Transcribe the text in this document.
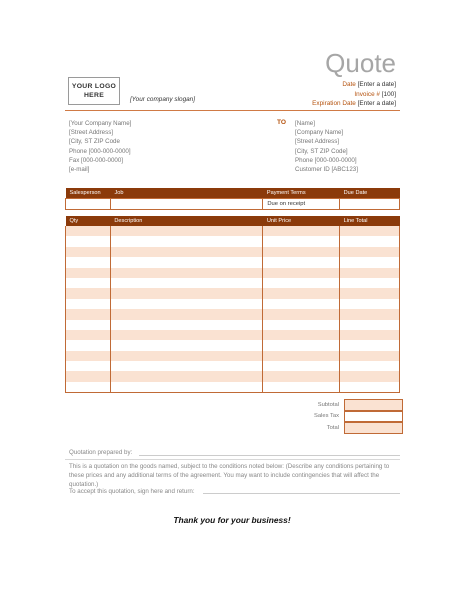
Quote
Date [Enter a date]
Invoice # [100]
Expiration Date [Enter a date]
YOUR LOGO
HERE
[Your company slogan]
[Your Company Name]
[Street Address]
[City, ST ZIP Code
Phone [000-000-0000]
Fax [000-000-0000]
[e-mail]
TO [Name]
[Company Name]
[Street Address]
[City, ST ZIP Code]
Phone [000-000-0000]
Customer ID [ABC123]
Salesperson	Job	Payment Terms	Due Date
		Due on receipt	
Qty	Description	Unit Price	Line Total

Subtotal
Sales Tax
Total
Quotation prepared by:
This is a quotation on the goods named, subject to the conditions noted below: (Describe any conditions pertaining to these prices and any additional terms of the agreement. You may want to include contingencies that will affect the quotation.)
To accept this quotation, sign here and return:
Thank you for your business!
